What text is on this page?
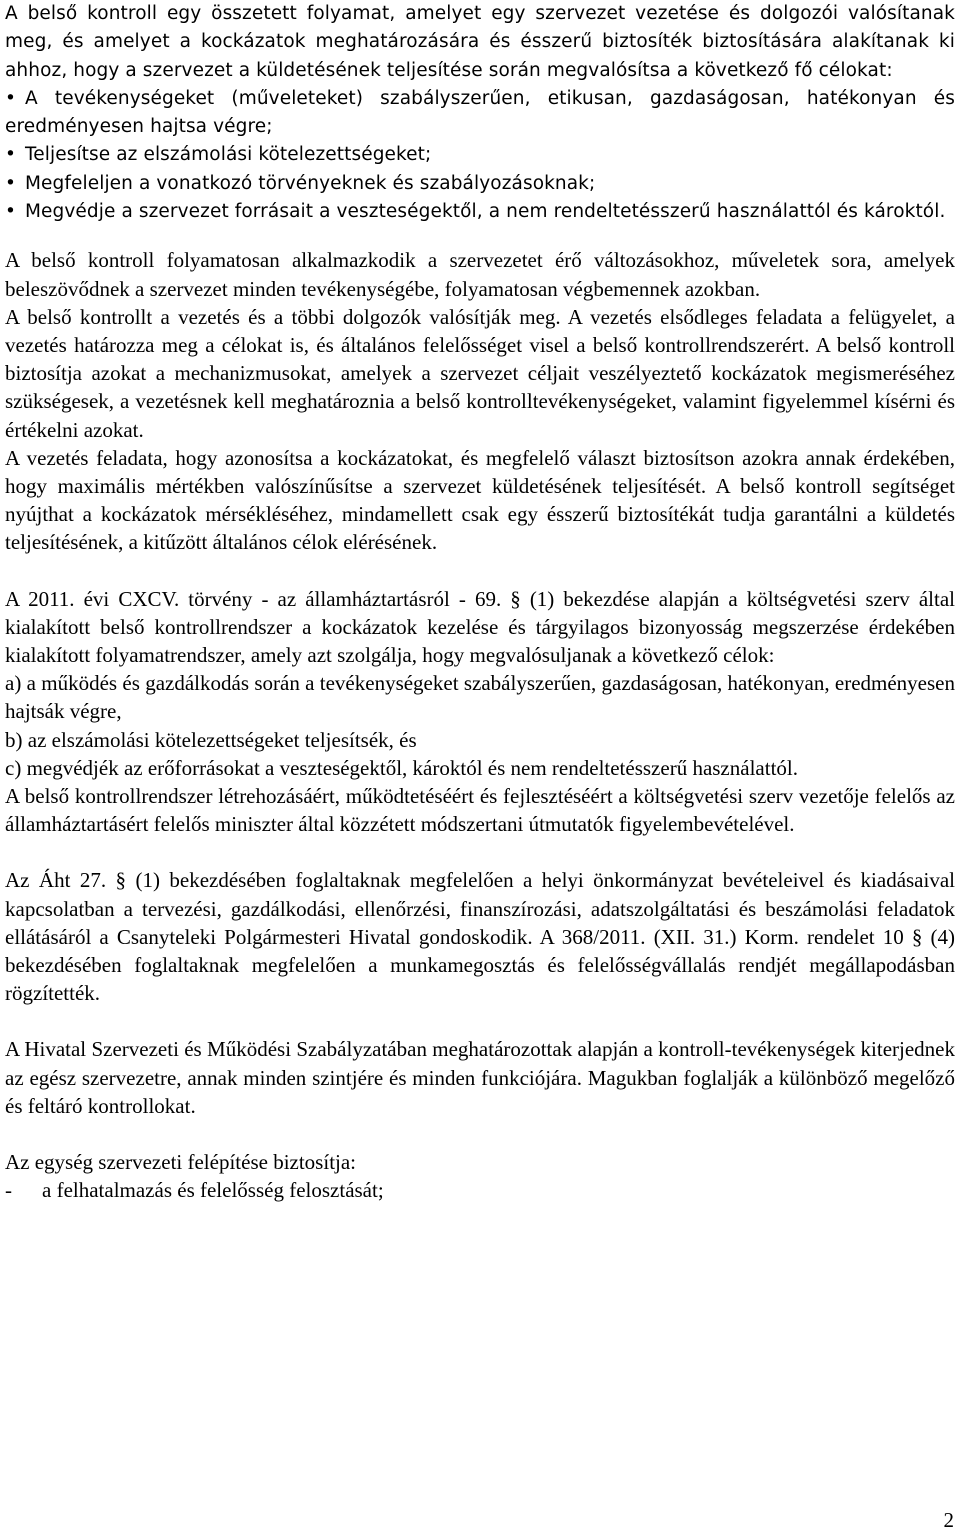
A belső kontroll egy összetett folyamat, amelyet egy szervezet vezetése és dolgozói valósítanak meg, és amelyet a kockázatok meghatározására és ésszerű biztosíték biztosítására alakítanak ki ahhoz, hogy a szervezet a küldetésének teljesítése során megvalósítsa a következő fő célokat:

• A tevékenységeket (műveleteket) szabályszerűen, etikusan, gazdaságosan, hatékonyan és eredményesen hajtsa végre;
• Teljesítse az elszámolási kötelezettségeket;
• Megfeleljen a vonatkozó törvényeknek és szabályozásoknak;
• Megvédje a szervezet forrásait a veszteségektől, a nem rendeltetésszerű használattól és károktól.

A belső kontroll folyamatosan alkalmazkodik a szervezetet érő változásokhoz, műveletek sora, amelyek beleszövődnek a szervezet minden tevékenységébe, folyamatosan végbemennek azokban.

A belső kontrollt a vezetés és a többi dolgozók valósítják meg. A vezetés elsődleges feladata a felügyelet, a vezetés határozza meg a célokat is, és általános felelősséget visel a belső kontrollrendszerért. A belső kontroll biztosítja azokat a mechanizmusokat, amelyek a szervezet céljait veszélyeztető kockázatok megismeréséhez szükségesek, a vezetésnek kell meghatároznia a belső kontrolltevékenységeket, valamint figyelemmel kísérni és értékelni azokat.

A vezetés feladata, hogy azonosítsa a kockázatokat, és megfelelő választ biztosítson azokra annak érdekében, hogy maximális mértékben valószínűsítse a szervezet küldetésének teljesítését. A belső kontroll segítséget nyújthat a kockázatok mérsékléséhez, mindamellett csak egy ésszerű biztosítékát tudja garantálni a küldetés teljesítésének, a kitűzött általános célok elérésének.

A 2011. évi CXCV. törvény - az államháztartásról ‑ 69. § (1) bekezdése alapján a költségvetési szerv által kialakított belső kontrollrendszer a kockázatok kezelése és tárgyilagos bizonyosság megszerzése érdekében kialakított folyamatrendszer, amely azt szolgálja, hogy megvalósuljanak a következő célok:

a) a működés és gazdálkodás során a tevékenységeket szabályszerűen, gazdaságosan, hatékonyan, eredményesen hajtsák végre,

b) az elszámolási kötelezettségeket teljesítsék, és

c) megvédjék az erőforrásokat a veszteségektől, károktól és nem rendeltetésszerű használattól.

A belső kontrollrendszer létrehozásáért, működtetéséért és fejlesztéséért a költségvetési szerv vezetője felelős az államháztartásért felelős miniszter által közzétett módszertani útmutatók figyelembevételével.

Az Áht 27. § (1) bekezdésében foglaltaknak megfelelően a helyi önkormányzat bevételeivel és kiadásaival kapcsolatban a tervezési, gazdálkodási, ellenőrzési, finanszírozási, adatszolgáltatási és beszámolási feladatok ellátásáról a Csanyteleki Polgármesteri Hivatal gondoskodik. A 368/2011. (XII. 31.) Korm. rendelet 10 § (4) bekezdésében foglaltaknak megfelelően a munkamegosztás és felelősségvállalás rendjét megállapodásban rögzítették.

A Hivatal Szervezeti és Működési Szabályzatában meghatározottak alapján a kontroll-tevékenységek kiterjednek az egész szervezetre, annak minden szintjére és minden funkciójára. Magukban foglalják a különböző megelőző és feltáró kontrollokat.

Az egység szervezeti felépítése biztosítja:

-	a felhatalmazás és felelősség felosztását;
2
